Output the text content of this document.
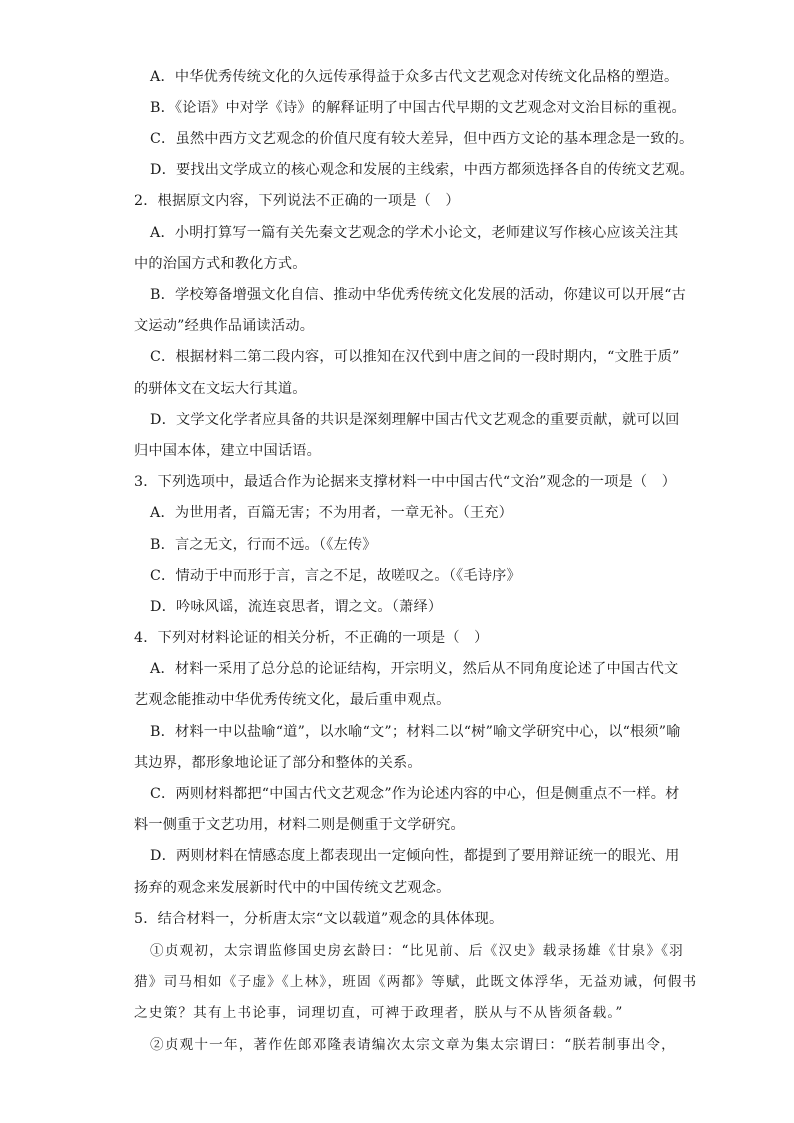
A．中华优秀传统文化的久远传承得益于众多古代文艺观念对传统文化品格的塑造。
B．《论语》中对学《诗》的解释证明了中国古代早期的文艺观念对文治目标的重视。
C．虽然中西方文艺观念的价值尺度有较大差异，但中西方文论的基本理念是一致的。
D．要找出文学成立的核心观念和发展的主线索，中西方都须选择各自的传统文艺观。
2．根据原文内容，下列说法不正确的一项是（　）
A．小明打算写一篇有关先秦文艺观念的学术小论文，老师建议写作核心应该关注其
中的治国方式和教化方式。
B．学校筹备增强文化自信、推动中华优秀传统文化发展的活动，你建议可以开展“古
文运动”经典作品诵读活动。
C．根据材料二第二段内容，可以推知在汉代到中唐之间的一段时期内，“文胜于质”
的骈体文在文坛大行其道。
D．文学文化学者应具备的共识是深刻理解中国古代文艺观念的重要贡献，就可以回
归中国本体，建立中国话语。
3．下列选项中，最适合作为论据来支撑材料一中中国古代“文治”观念的一项是（　）
A．为世用者，百篇无害；不为用者，一章无补。（王充）
B．言之无文，行而不远。（《左传》
C．情动于中而形于言，言之不足，故嗟叹之。（《毛诗序》
D．吟咏风谣，流连哀思者，谓之文。（萧绎）
4．下列对材料论证的相关分析，不正确的一项是（　）
A．材料一采用了总分总的论证结构，开宗明义，然后从不同角度论述了中国古代文
艺观念能推动中华优秀传统文化，最后重申观点。
B．材料一中以盐喻“道”，以水喻“文”；材料二以“树”喻文学研究中心，以“根须”喻
其边界，都形象地论证了部分和整体的关系。
C．两则材料都把“中国古代文艺观念”作为论述内容的中心，但是侧重点不一样。材
料一侧重于文艺功用，材料二则是侧重于文学研究。
D．两则材料在情感态度上都表现出一定倾向性，都提到了要用辩证统一的眼光、用
扬弃的观念来发展新时代中的中国传统文艺观念。
5．结合材料一，分析唐太宗“文以载道”观念的具体体现。
①贞观初，太宗谓监修国史房玄龄曰：“比见前、后《汉史》载录扬雄《甘泉》《羽
猎》司马相如《子虚》《上林》，班固《两都》等赋，此既文体浮华，无益劝诫，何假书
之史策？其有上书论事，词理切直，可裨于政理者，朕从与不从皆须备载。”
②贞观十一年，著作佐郎邓隆表请编次太宗文章为集太宗谓曰：“朕若制事出令，
